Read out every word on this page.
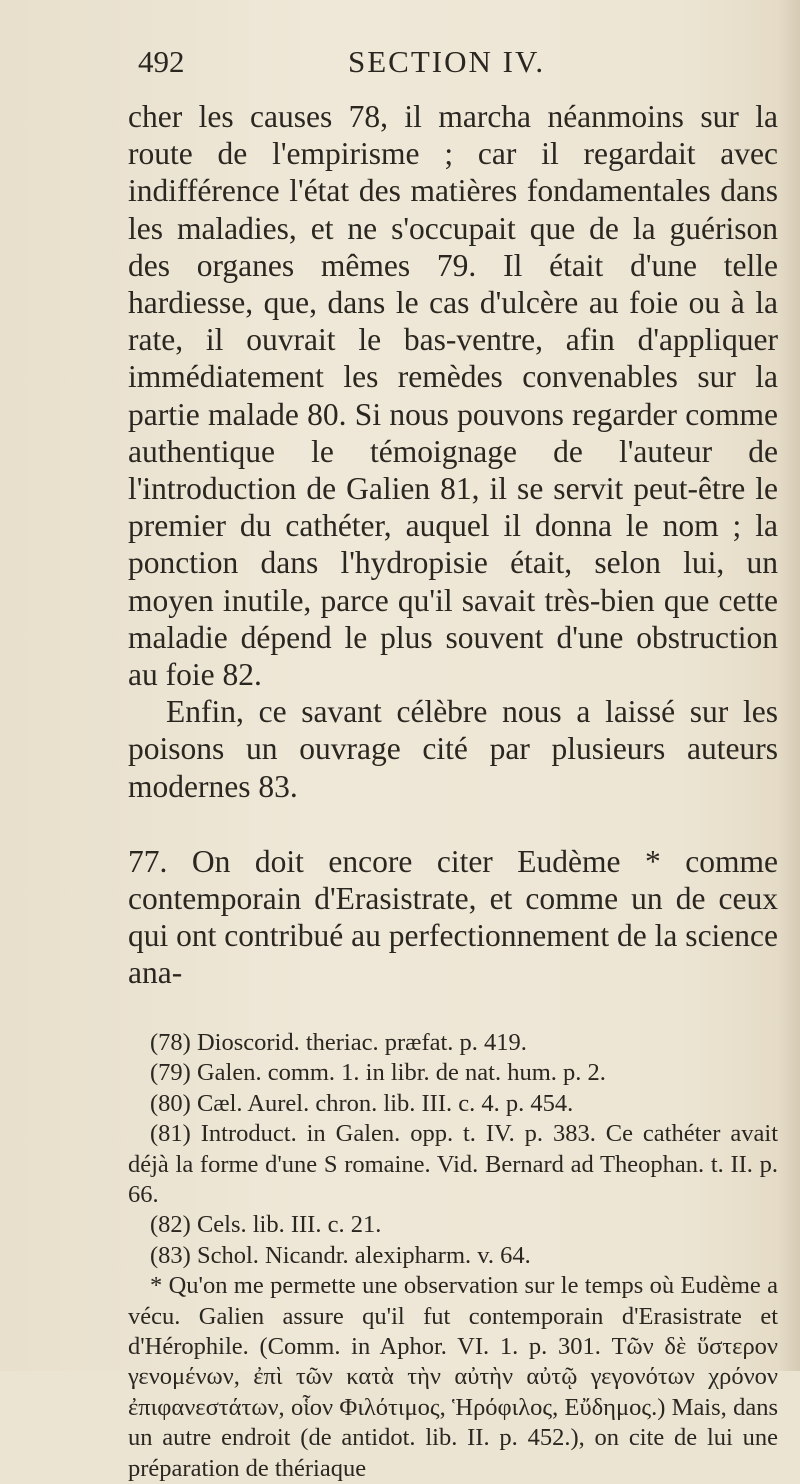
492	SECTION IV.

cher les causes 78, il marcha néanmoins sur la route de l'empirisme ; car il regardait avec indifférence l'état des matières fondamentales dans les maladies, et ne s'occupait que de la guérison des organes mêmes 79. Il était d'une telle hardiesse, que, dans le cas d'ulcère au foie ou à la rate, il ouvrait le bas-ventre, afin d'appliquer immédiatement les remèdes convenables sur la partie malade 80. Si nous pouvons regarder comme authentique le témoignage de l'auteur de l'introduction de Galien 81, il se servit peut-être le premier du cathéter, auquel il donna le nom ; la ponction dans l'hydropisie était, selon lui, un moyen inutile, parce qu'il savait très-bien que cette maladie dépend le plus souvent d'une obstruction au foie 82.

Enfin, ce savant célèbre nous a laissé sur les poisons un ouvrage cité par plusieurs auteurs modernes 83.

77. On doit encore citer Eudème * comme contemporain d'Erasistrate, et comme un de ceux qui ont contribué au perfectionnement de la science ana-

(78) Dioscorid. theriac. præfat. p. 419.

(79) Galen. comm. 1. in libr. de nat. hum. p. 2.

(80) Cæl. Aurel. chron. lib. III. c. 4. p. 454.

(81) Introduct. in Galen. opp. t. IV. p. 383. Ce cathéter avait déjà la forme d'une S romaine. Vid. Bernard ad Theophan. t. II. p. 66.

(82) Cels. lib. III. c. 21.

(83) Schol. Nicandr. alexipharm. v. 64.

* Qu'on me permette une observation sur le temps où Eudème a vécu. Galien assure qu'il fut contemporain d'Erasistrate et d'Hérophile. (Comm. in Aphor. VI. 1. p. 301. Τῶν δὲ ὕστερον γενομένων, ἐπὶ τῶν κατὰ τὴν αὐτὴν αὐτῷ γεγονότων χρόνον ἐπιφανεστάτων, οἷον Φιλότιμος, Ἡρόφιλος, Εὔδημος.) Mais, dans un autre endroit (de antidot. lib. II. p. 452.), on cite de lui une préparation de thériaque
